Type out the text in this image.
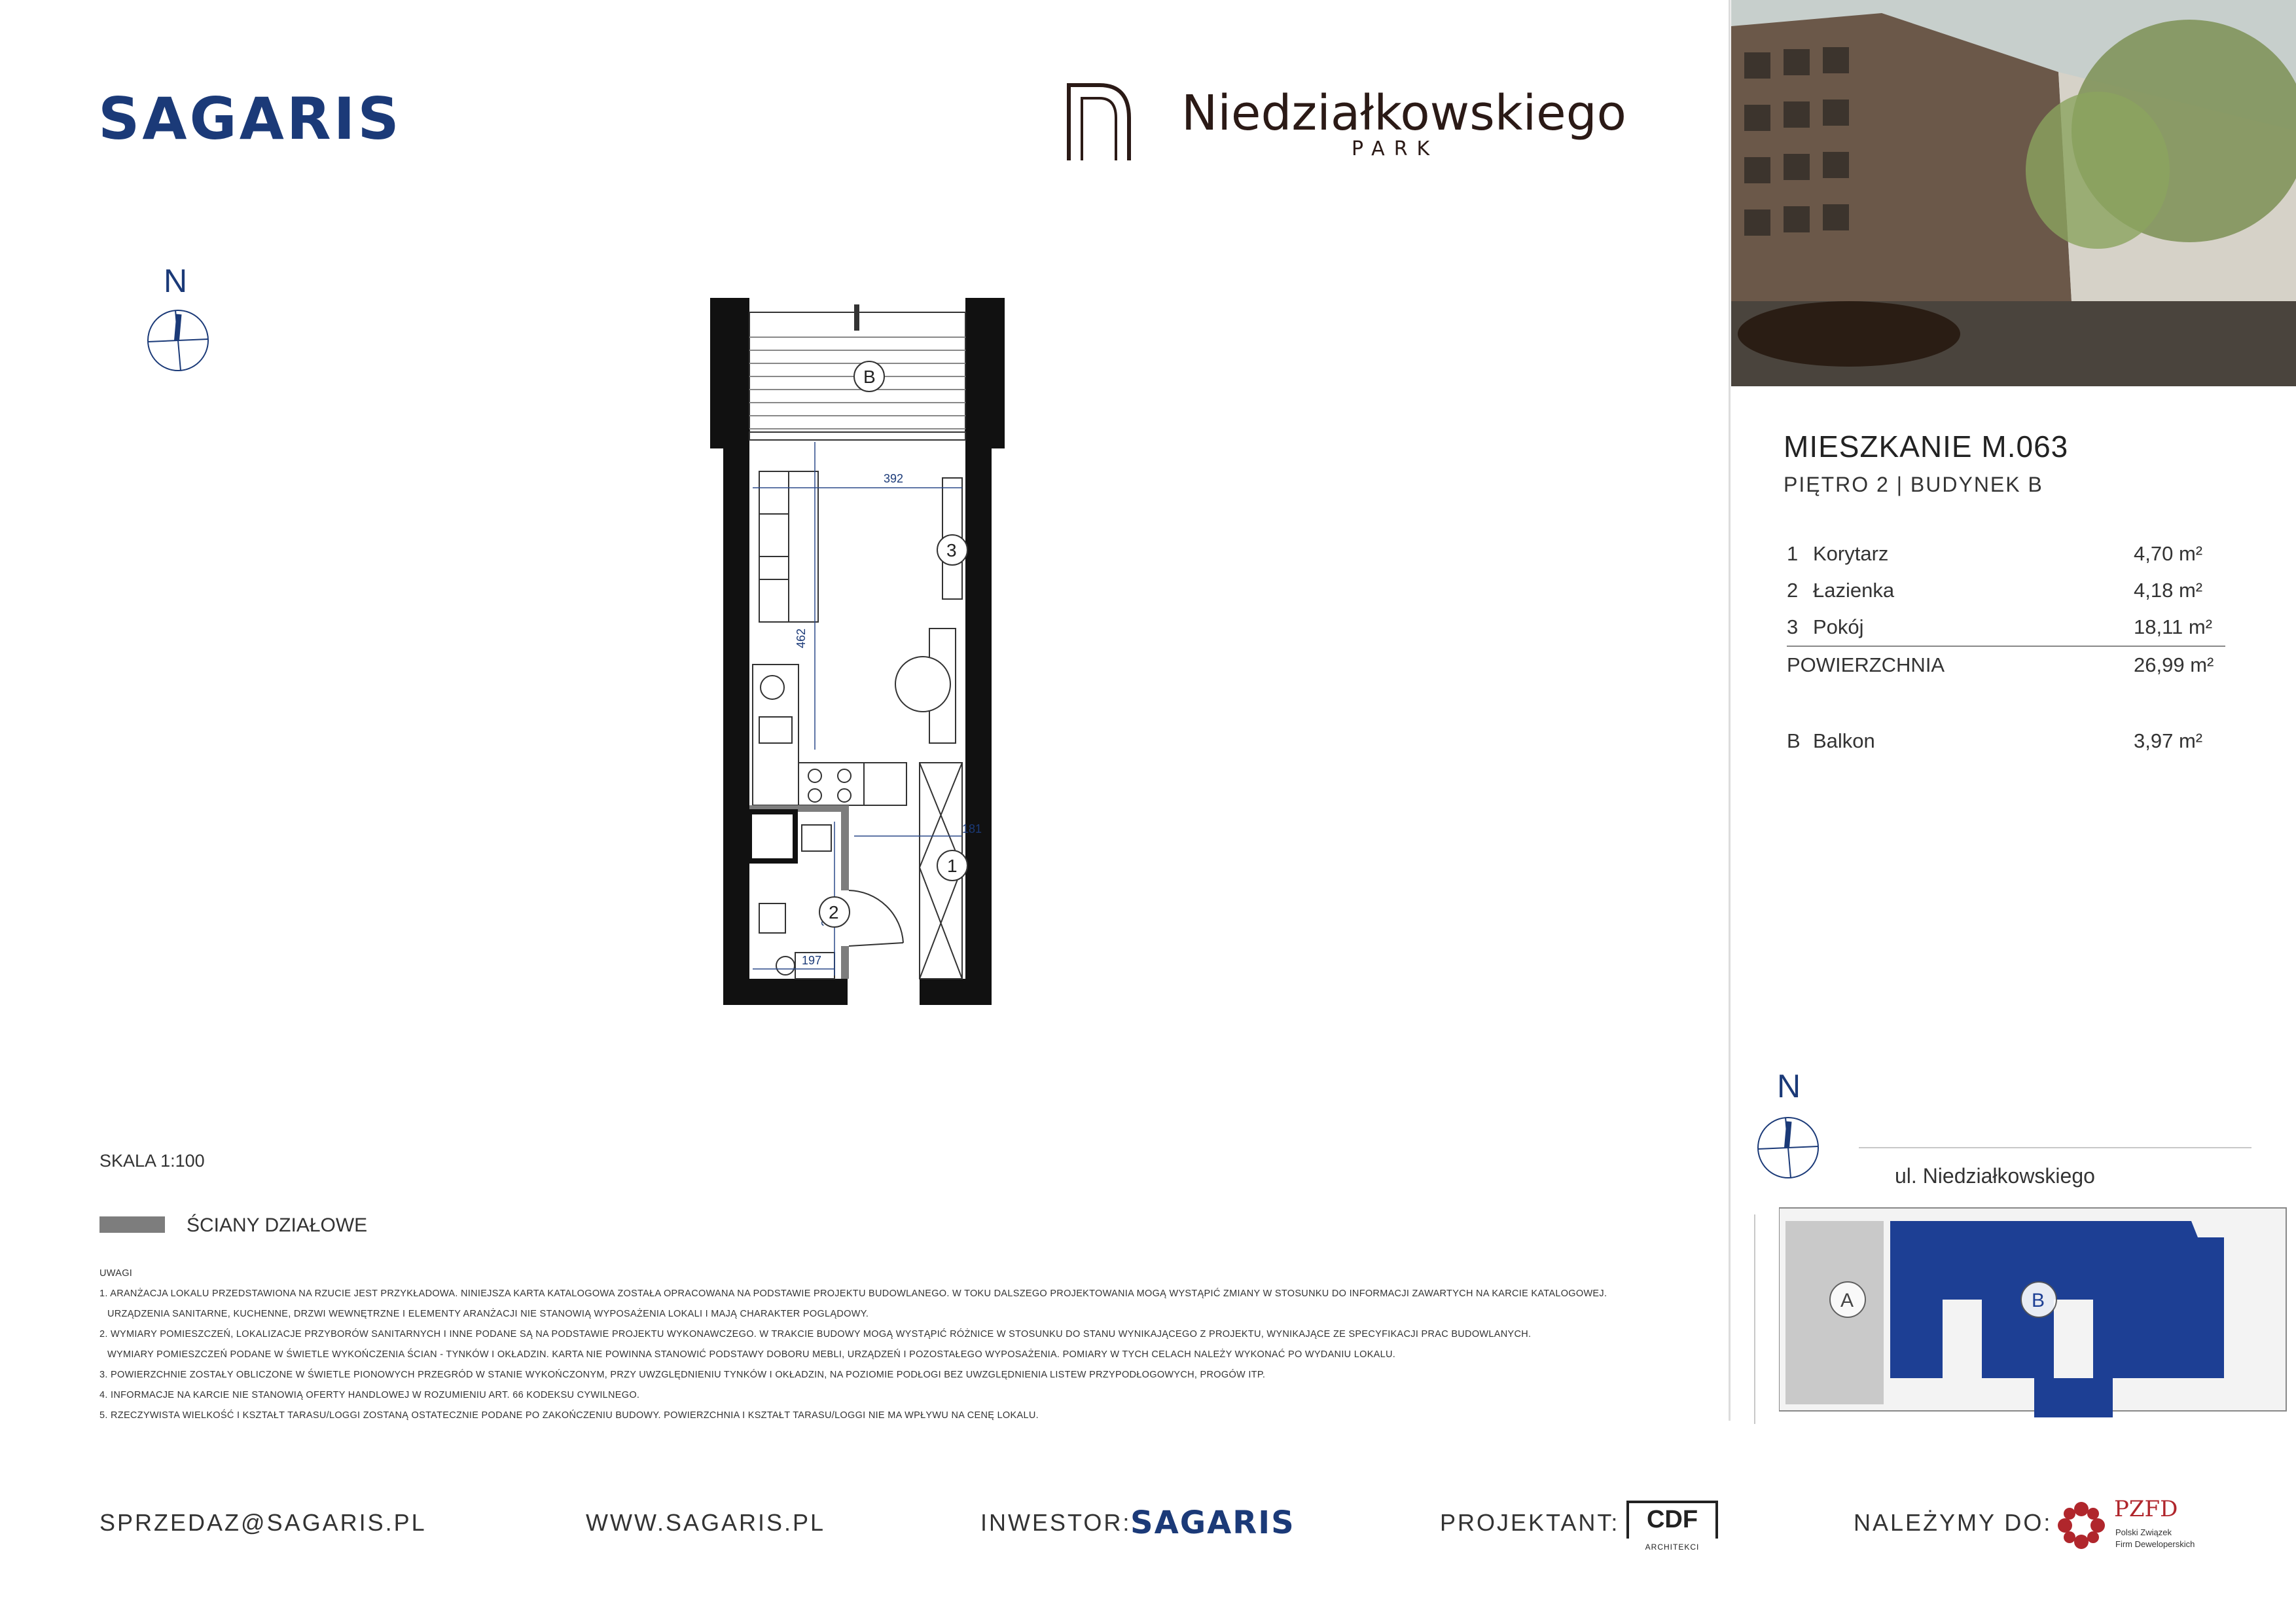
SAGARIS	Niedziałkowskiego
PARK
N
392
462
181
197
B
3
1
2
SKALA 1:100
ŚCIANY DZIAŁOWE

UWAGI

1. ARANŻACJA LOKALU PRZEDSTAWIONA NA RZUCIE JEST PRZYKŁADOWA. NINIEJSZA KARTA KATALOGOWA ZOSTAŁA OPRACOWANA NA PODSTAWIE PROJEKTU BUDOWLANEGO. W TOKU DALSZEGO PROJEKTOWANIA MOGĄ WYSTĄPIĆ ZMIANY W STOSUNKU DO INFORMACJI ZAWARTYCH NA KARCIE KATALOGOWEJ.

URZĄDZENIA SANITARNE, KUCHENNE, DRZWI WEWNĘTRZNE I ELEMENTY ARANŻACJI NIE STANOWIĄ WYPOSAŻENIA LOKALI I MAJĄ CHARAKTER POGLĄDOWY.

2. WYMIARY POMIESZCZEŃ, LOKALIZACJE PRZYBORÓW SANITARNYCH I INNE PODANE SĄ NA PODSTAWIE PROJEKTU WYKONAWCZEGO. W TRAKCIE BUDOWY MOGĄ WYSTĄPIĆ RÓŻNICE W STOSUNKU DO STANU WYNIKAJĄCEGO Z PROJEKTU, WYNIKAJĄCE ZE SPECYFIKACJI PRAC BUDOWLANYCH.

WYMIARY POMIESZCZEŃ PODANE W ŚWIETLE WYKOŃCZENIA ŚCIAN - TYNKÓW I OKŁADZIN. KARTA NIE POWINNA STANOWIĆ PODSTAWY DOBORU MEBLI, URZĄDZEŃ I POZOSTAŁEGO WYPOSAŻENIA. POMIARY W TYCH CELACH NALEŻY WYKONAĆ PO WYDANIU LOKALU.

3. POWIERZCHNIE ZOSTAŁY OBLICZONE W ŚWIETLE PIONOWYCH PRZEGRÓD W STANIE WYKOŃCZONYM, PRZY UWZGLĘDNIENIU TYNKÓW I OKŁADZIN, NA POZIOMIE PODŁOGI BEZ UWZGLĘDNIENIA LISTEW PRZYPODŁOGOWYCH, PROGÓW ITP.

4. INFORMACJE NA KARCIE NIE STANOWIĄ OFERTY HANDLOWEJ W ROZUMIENIU ART. 66 KODEKSU CYWILNEGO.

5. RZECZYWISTA WIELKOŚĆ I KSZTAŁT TARASU/LOGGI ZOSTANĄ OSTATECZNIE PODANE PO ZAKOŃCZENIU BUDOWY. POWIERZCHNIA I KSZTAŁT TARASU/LOGGI NIE MA WPŁYWU NA CENĘ LOKALU.

MIESZKANIE M.063
PIĘTRO 2 | BUDYNEK B
1	Korytarz	4,70 m²
2	Łazienka	4,18 m²
3	Pokój	18,11 m²
POWIERZCHNIA		26,99 m²

B	Balkon	3,97 m²
N
ul. Niedziałkowskiego
A	B
SPRZEDAZ@SAGARIS.PL	WWW.SAGARIS.PL	INWESTOR:
SAGARIS	PROJEKTANT:	CDF
ARCHITEKCI
NALEŻYMY DO:	PZFD
Polski Związek
Firm Deweloperskich
